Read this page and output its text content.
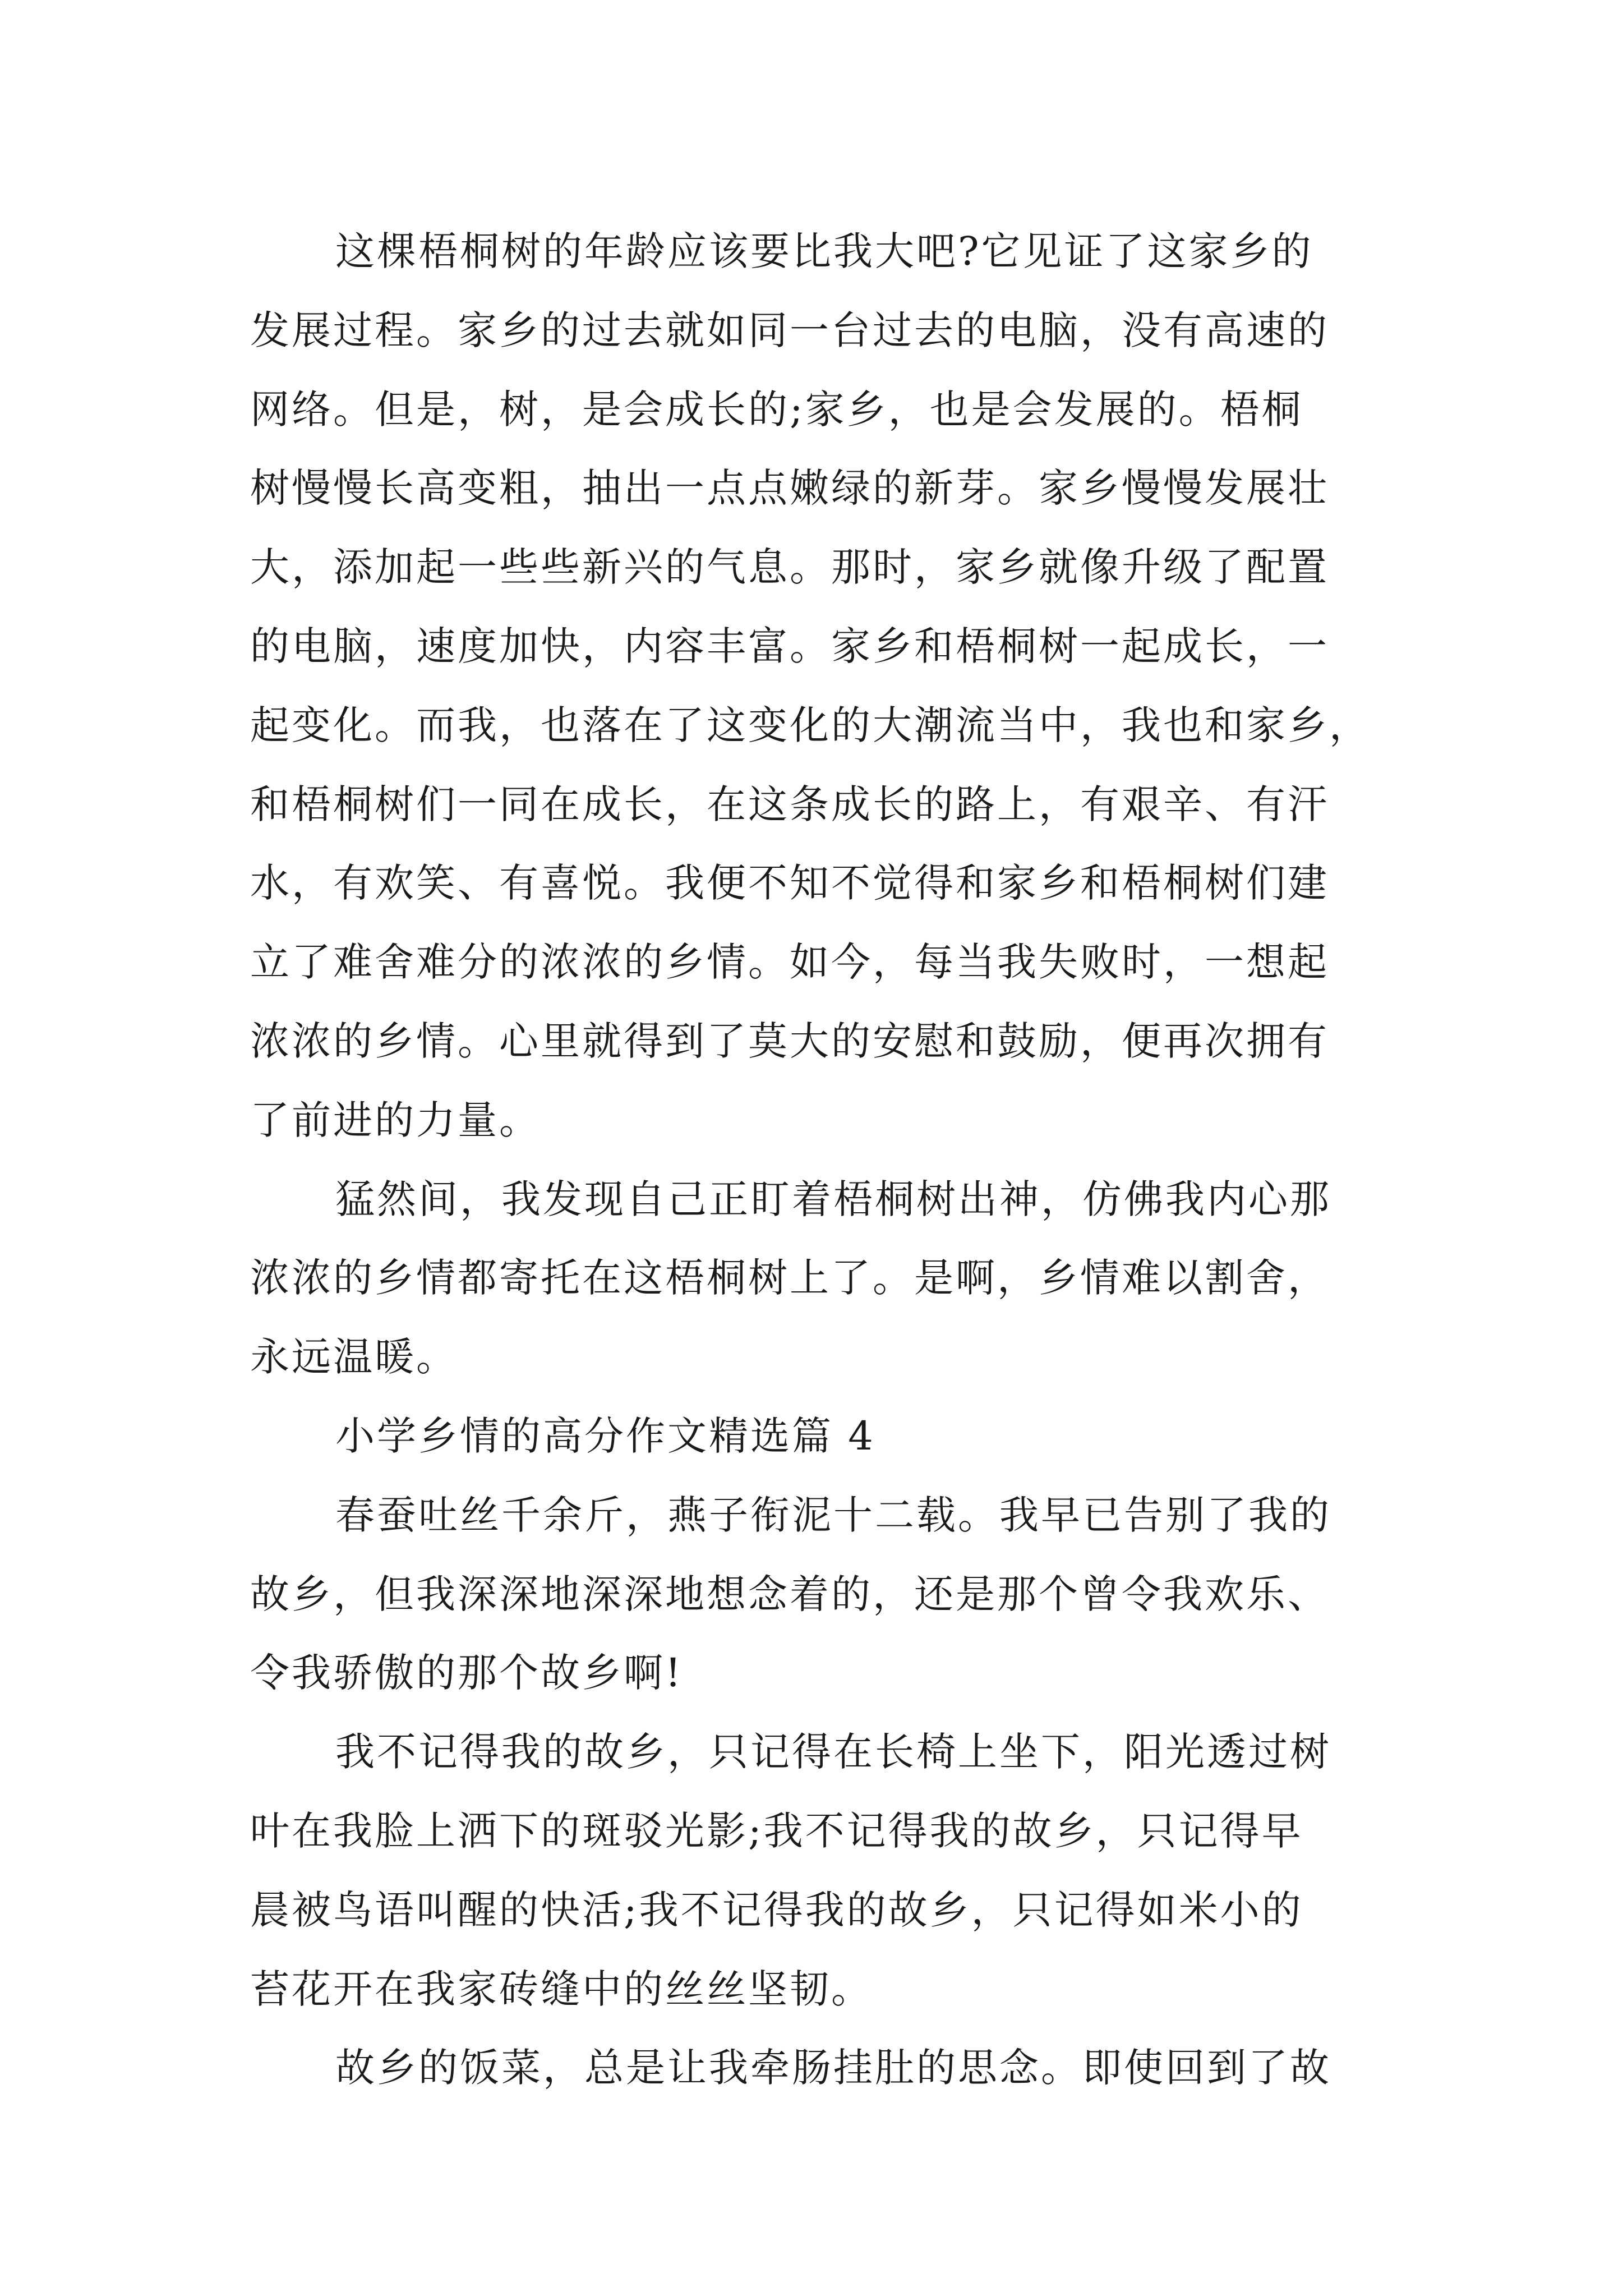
这棵梧桐树的年龄应该要比我大吧?它见证了这家乡的
发展过程。家乡的过去就如同一台过去的电脑，没有高速的
网络。但是，树，是会成长的;家乡，也是会发展的。梧桐
树慢慢长高变粗，抽出一点点嫩绿的新芽。家乡慢慢发展壮
大，添加起一些些新兴的气息。那时，家乡就像升级了配置
的电脑，速度加快，内容丰富。家乡和梧桐树一起成长，一
起变化。而我，也落在了这变化的大潮流当中，我也和家乡，
和梧桐树们一同在成长，在这条成长的路上，有艰辛、有汗
水，有欢笑、有喜悦。我便不知不觉得和家乡和梧桐树们建
立了难舍难分的浓浓的乡情。如今，每当我失败时，一想起
浓浓的乡情。心里就得到了莫大的安慰和鼓励，便再次拥有
了前进的力量。
猛然间，我发现自己正盯着梧桐树出神，仿佛我内心那
浓浓的乡情都寄托在这梧桐树上了。是啊，乡情难以割舍，
永远温暖。
小学乡情的高分作文精选篇 4
春蚕吐丝千余斤，燕子衔泥十二载。我早已告别了我的
故乡，但我深深地深深地想念着的，还是那个曾令我欢乐、
令我骄傲的那个故乡啊!
我不记得我的故乡，只记得在长椅上坐下，阳光透过树
叶在我脸上洒下的斑驳光影;我不记得我的故乡，只记得早
晨被鸟语叫醒的快活;我不记得我的故乡，只记得如米小的
苔花开在我家砖缝中的丝丝坚韧。
故乡的饭菜，总是让我牵肠挂肚的思念。即使回到了故
